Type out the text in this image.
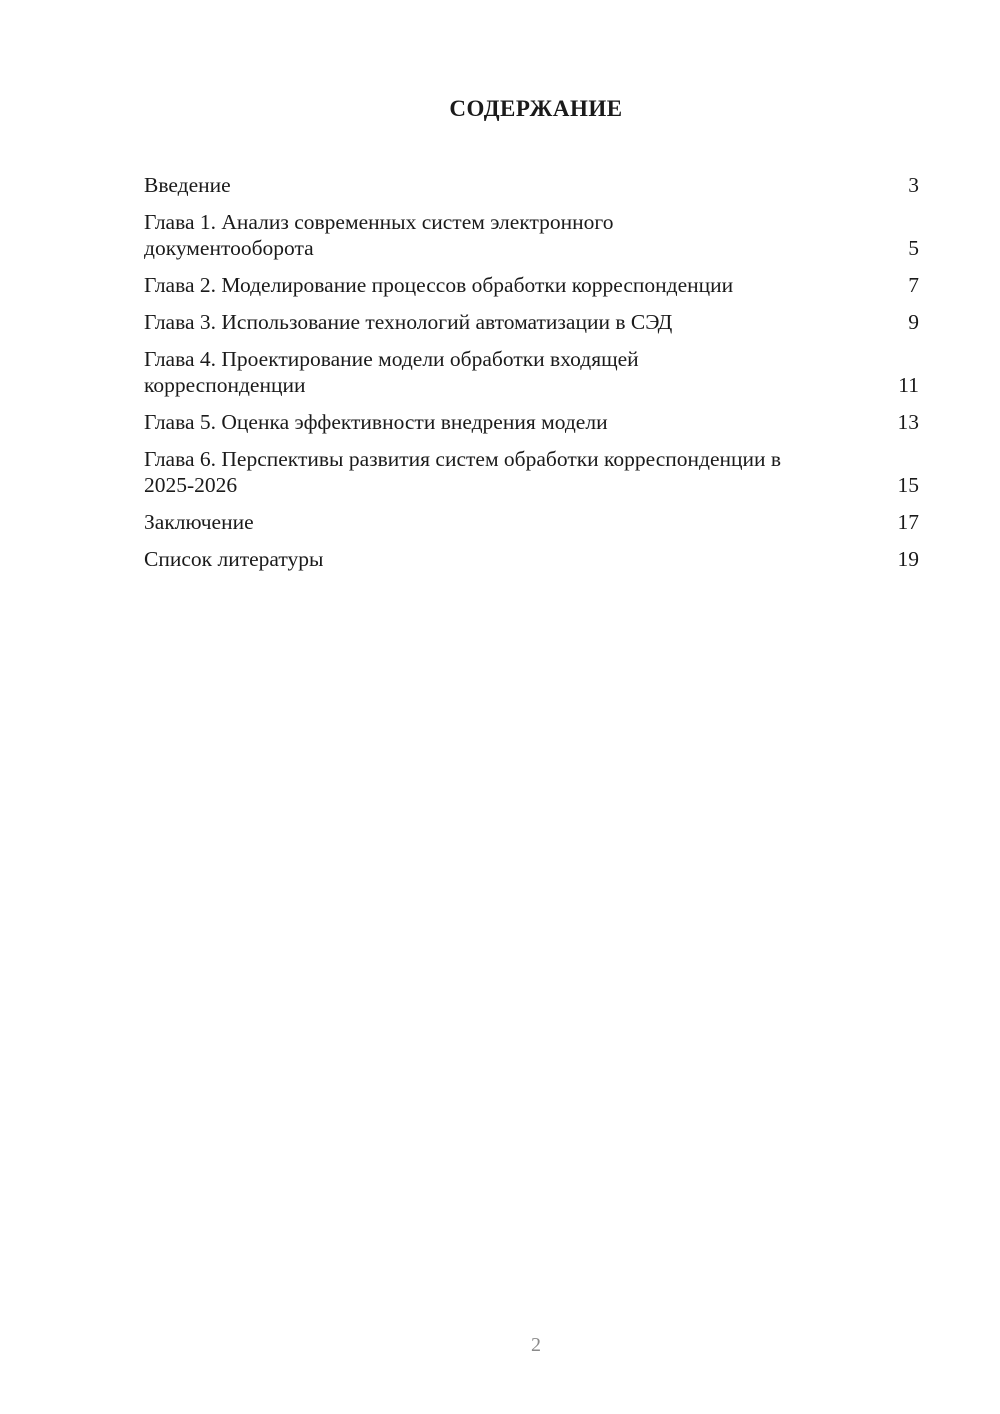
СОДЕРЖАНИЕ
Введение	3
Глава 1. Анализ современных систем электронного документооборота	5
Глава 2. Моделирование процессов обработки корреспонденции	7
Глава 3. Использование технологий автоматизации в СЭД	9
Глава 4. Проектирование модели обработки входящей корреспонденции	11
Глава 5. Оценка эффективности внедрения модели	13
Глава 6. Перспективы развития систем обработки корреспонденции в 2025-2026	15
Заключение	17
Список литературы	19
2
